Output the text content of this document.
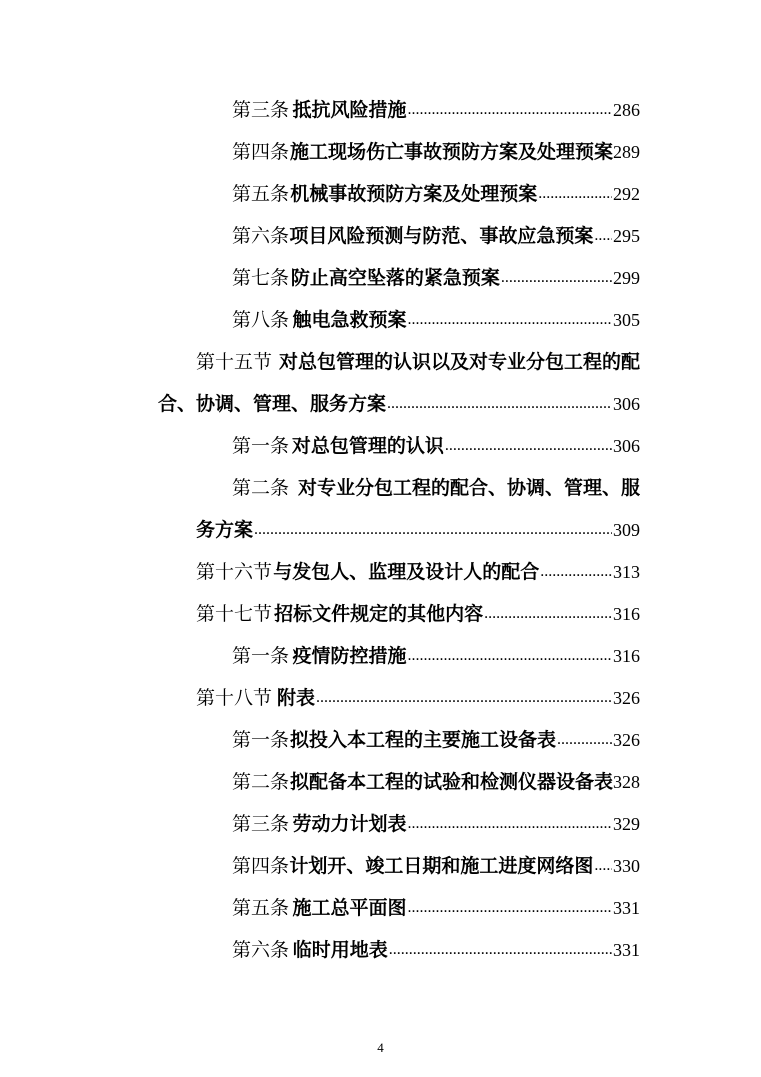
第三条 抵抗风险措施 .....	286
第四条 施工现场伤亡事故预防方案及处理预案 289
第五条 机械事故预防方案及处理预案 .....	292
第六条 项目风险预测与防范、事故应急预案 ..... 295
第七条 防止高空坠落的紧急预案 .....	299
第八条 触电急救预案 .....	305
第十五节 对总包管理的认识以及对专业分包工程的配
合、协调、管理、服务方案 .....	306
第一条 对总包管理的认识 .....	306
第二条 对专业分包工程的配合、协调、管理、服
务方案 .....	309
第十六节 与发包人、监理及设计人的配合 .....	313
第十七节 招标文件规定的其他内容 .....	316
第一条 疫情防控措施 .....	316
第十八节 附表 .....	326
第一条 拟投入本工程的主要施工设备表 .....	326
第二条 拟配备本工程的试验和检测仪器设备表 328
第三条 劳动力计划表 .....	329
第四条 计划开、竣工日期和施工进度网络图 ..... 330
第五条 施工总平面图 .....	331
第六条 临时用地表 .....	331
4
